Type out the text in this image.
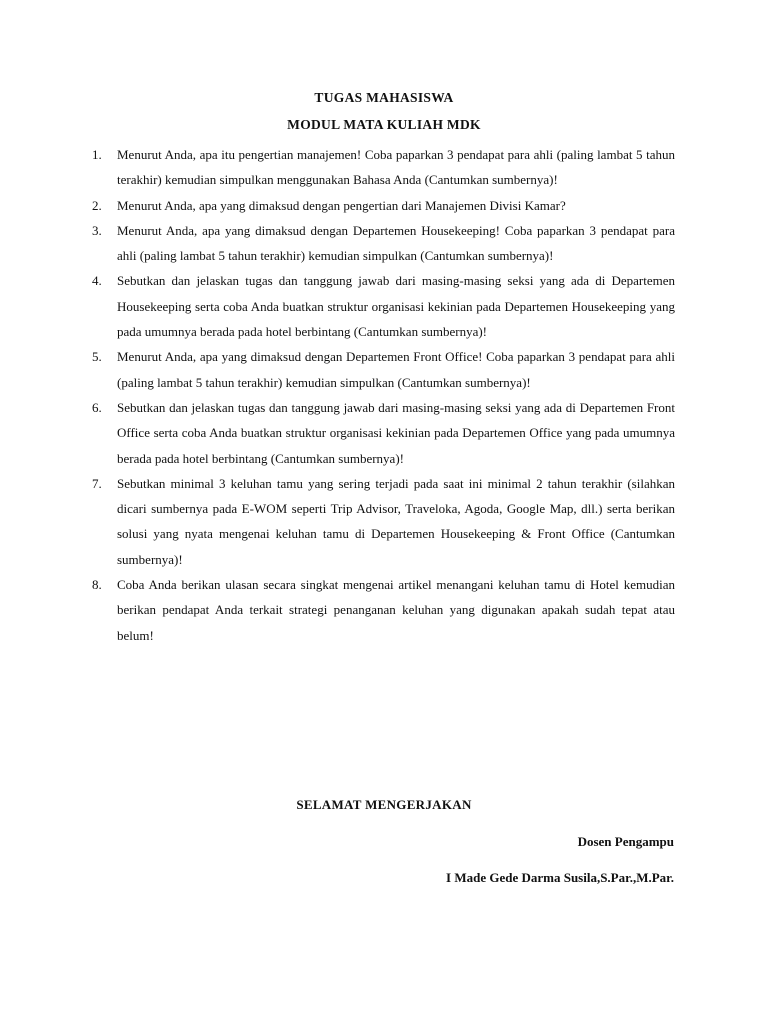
TUGAS MAHASISWA
MODUL MATA KULIAH MDK
1. Menurut Anda, apa itu pengertian manajemen! Coba paparkan 3 pendapat para ahli (paling lambat 5 tahun terakhir) kemudian simpulkan menggunakan Bahasa Anda (Cantumkan sumbernya)!
2. Menurut Anda, apa yang dimaksud dengan pengertian dari Manajemen Divisi Kamar?
3. Menurut Anda, apa yang dimaksud dengan Departemen Housekeeping! Coba paparkan 3 pendapat para ahli (paling lambat 5 tahun terakhir) kemudian simpulkan (Cantumkan sumbernya)!
4. Sebutkan dan jelaskan tugas dan tanggung jawab dari masing-masing seksi yang ada di Departemen Housekeeping serta coba Anda buatkan struktur organisasi kekinian pada Departemen Housekeeping yang pada umumnya berada pada hotel berbintang (Cantumkan sumbernya)!
5. Menurut Anda, apa yang dimaksud dengan Departemen Front Office! Coba paparkan 3 pendapat para ahli (paling lambat 5 tahun terakhir) kemudian simpulkan (Cantumkan sumbernya)!
6. Sebutkan dan jelaskan tugas dan tanggung jawab dari masing-masing seksi yang ada di Departemen Front Office serta coba Anda buatkan struktur organisasi kekinian pada Departemen Office yang pada umumnya berada pada hotel berbintang (Cantumkan sumbernya)!
7. Sebutkan minimal 3 keluhan tamu yang sering terjadi pada saat ini minimal 2 tahun terakhir (silahkan dicari sumbernya pada E-WOM seperti Trip Advisor, Traveloka, Agoda, Google Map, dll.) serta berikan solusi yang nyata mengenai keluhan tamu di Departemen Housekeeping & Front Office (Cantumkan sumbernya)!
8. Coba Anda berikan ulasan secara singkat mengenai artikel menangani keluhan tamu di Hotel kemudian berikan pendapat Anda terkait strategi penanganan keluhan yang digunakan apakah sudah tepat atau belum!
SELAMAT MENGERJAKAN
Dosen Pengampu
I Made Gede Darma Susila,S.Par.,M.Par.
